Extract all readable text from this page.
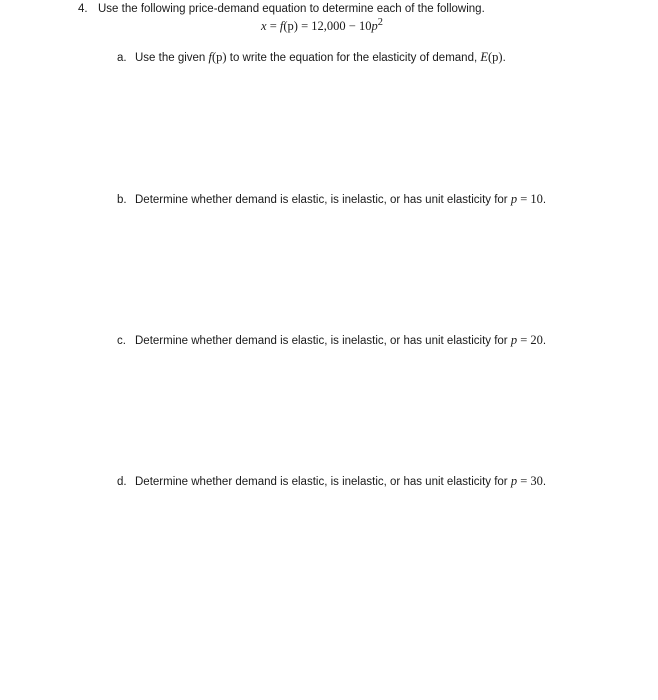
4. Use the following price-demand equation to determine each of the following.
$x = f(p) = 12,000 - 10p^2$
a. Use the given f(p) to write the equation for the elasticity of demand, E(p).
b. Determine whether demand is elastic, is inelastic, or has unit elasticity for p = 10.
c. Determine whether demand is elastic, is inelastic, or has unit elasticity for p = 20.
d. Determine whether demand is elastic, is inelastic, or has unit elasticity for p = 30.
